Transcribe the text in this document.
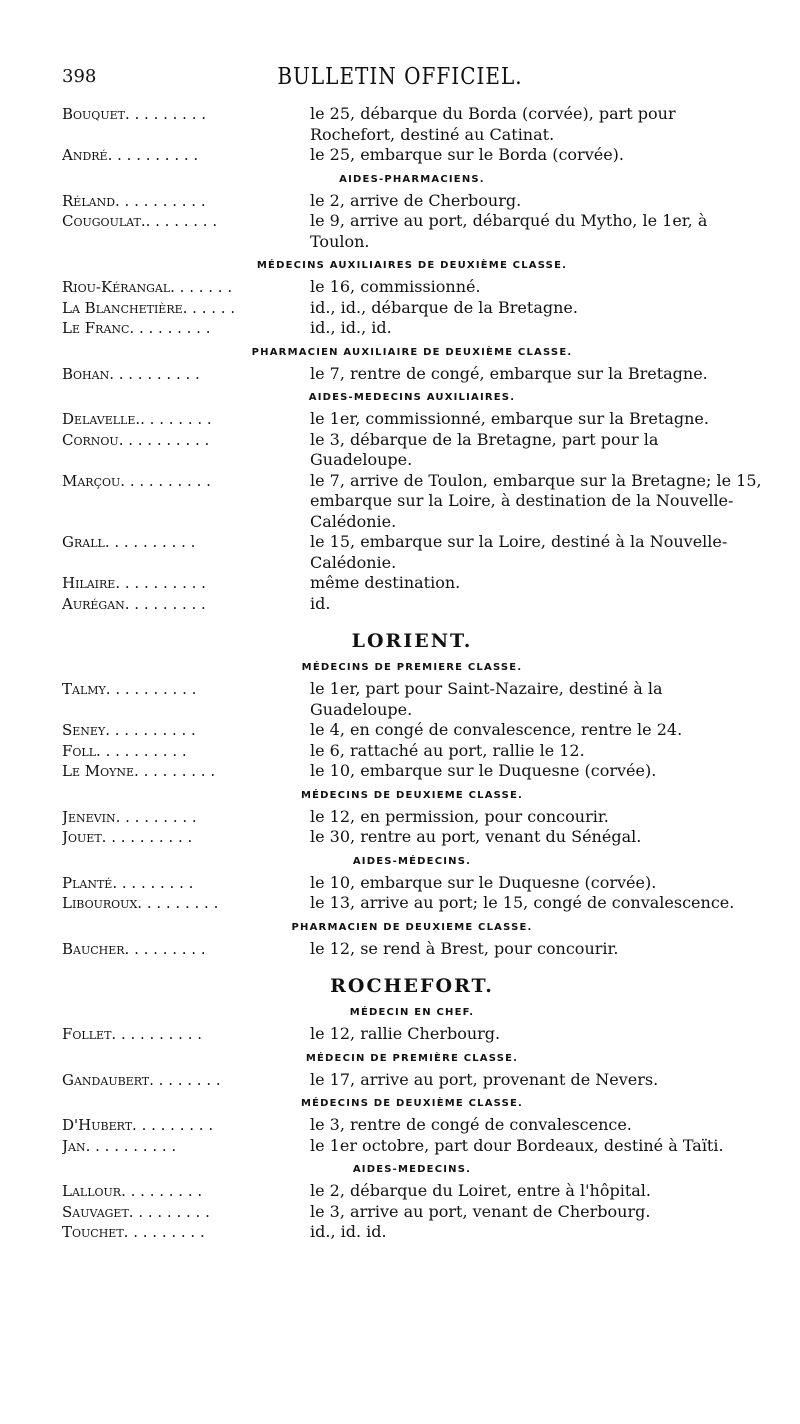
398	BULLETIN OFFICIEL.
Bouquet. . . . . . . . .	le 25, débarque du Borda (corvée), part pour Rochefort, destiné au Catinat.
André. . . . . . . . . .	le 25, embarque sur le Borda (corvée).
AIDES-PHARMACIENS.
Réland. . . . . . . . . .	le 2, arrive de Cherbourg.
Cougoulat.. . . . . . . .	le 9, arrive au port, débarqué du Mytho, le 1er, à Toulon.
MÉDECINS AUXILIAIRES DE DEUXIÈME CLASSE.
Riou-Kérangal. . . . . . .	le 16, commissionné.
La Blanchetière. . . . . .	id., id., débarque de la Bretagne.
Le Franc. . . . . . . . .	id., id., id.
PHARMACIEN AUXILIAIRE DE DEUXIÈME CLASSE.
Bohan. . . . . . . . . .	le 7, rentre de congé, embarque sur la Bretagne.
AIDES-MEDECINS AUXILIAIRES.
Delavelle.. . . . . . . .	le 1er, commissionné, embarque sur la Bretagne.
Cornou. . . . . . . . . .	le 3, débarque de la Bretagne, part pour la Guadeloupe.
Marçou. . . . . . . . . .	le 7, arrive de Toulon, embarque sur la Bretagne; le 15, embarque sur la Loire, à destination de la Nouvelle-Calédonie.
Grall. . . . . . . . . .	le 15, embarque sur la Loire, destiné à la Nouvelle-Calédonie.
Hilaire. . . . . . . . . .	même destination.
Aurégan. . . . . . . . .	id.
LORIENT.
MÉDECINS DE PREMIERE CLASSE.
Talmy. . . . . . . . . .	le 1er, part pour Saint-Nazaire, destiné à la Guadeloupe.
Seney. . . . . . . . . .	le 4, en congé de convalescence, rentre le 24.
Foll. . . . . . . . . .	le 6, rattaché au port, rallie le 12.
Le Moyne. . . . . . . . .	le 10, embarque sur le Duquesne (corvée).
MÉDECINS DE DEUXIEME CLASSE.
Jenevin. . . . . . . . .	le 12, en permission, pour concourir.
Jouet. . . . . . . . . .	le 30, rentre au port, venant du Sénégal.
AIDES-MÉDECINS.
Planté. . . . . . . . .	le 10, embarque sur le Duquesne (corvée).
Libouroux. . . . . . . . .	le 13, arrive au port; le 15, congé de convalescence.
PHARMACIEN DE DEUXIEME CLASSE.
Baucher. . . . . . . . .	le 12, se rend à Brest, pour concourir.
ROCHEFORT.
MÉDECIN EN CHEF.
Follet. . . . . . . . . .	le 12, rallie Cherbourg.
MÉDECIN DE PREMIÈRE CLASSE.
Gandaubert. . . . . . . .	le 17, arrive au port, provenant de Nevers.
MÉDECINS DE DEUXIÈME CLASSE.
D'Hubert. . . . . . . . .	le 3, rentre de congé de convalescence.
Jan. . . . . . . . . .	le 1er octobre, part dour Bordeaux, destiné à Taïti.
AIDES-MEDECINS.
Lallour. . . . . . . . .	le 2, débarque du Loiret, entre à l'hôpital.
Sauvaget. . . . . . . . .	le 3, arrive au port, venant de Cherbourg.
Touchet. . . . . . . . .	id., id. id.
